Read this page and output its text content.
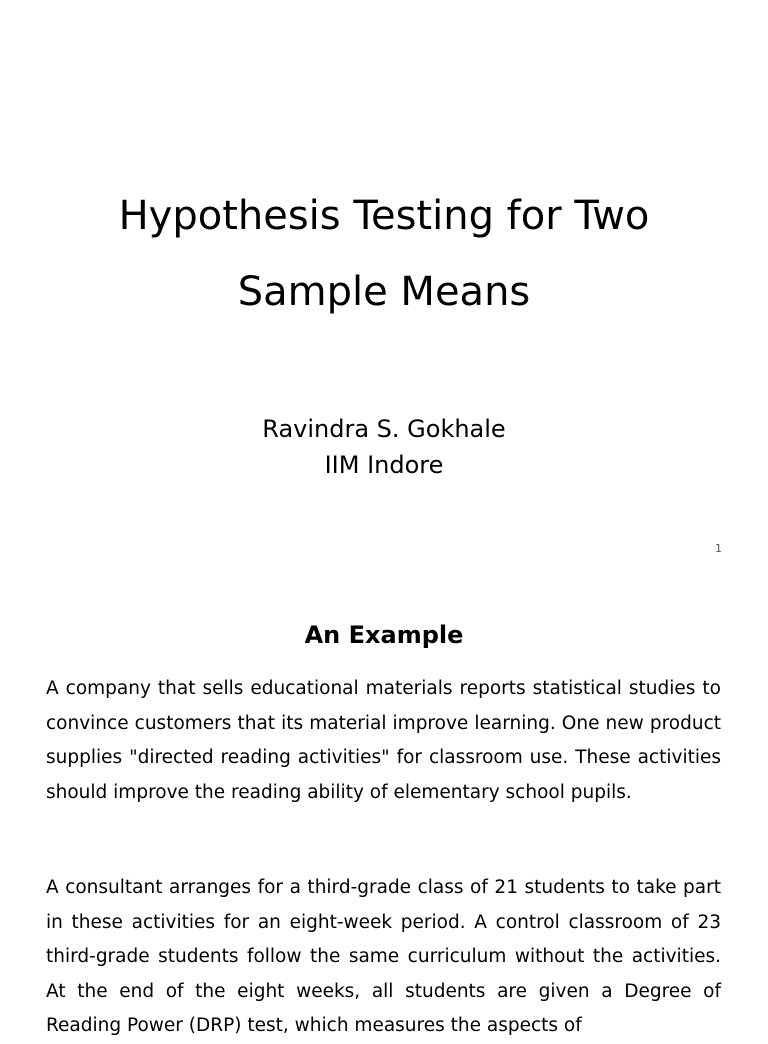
Hypothesis Testing for Two
Sample Means
Ravindra S. Gokhale
IIM Indore
1
An Example

A company that sells educational materials reports statistical studies to convince customers that its material improve learning. One new product supplies "directed reading activities" for classroom use. These activities should improve the reading ability of elementary school pupils.

A consultant arranges for a third-grade class of 21 students to take part in these activities for an eight-week period. A control classroom of 23 third-grade students follow the same curriculum without the activities. At the end of the eight weeks, all students are given a Degree of Reading Power (DRP) test, which measures the aspects of
